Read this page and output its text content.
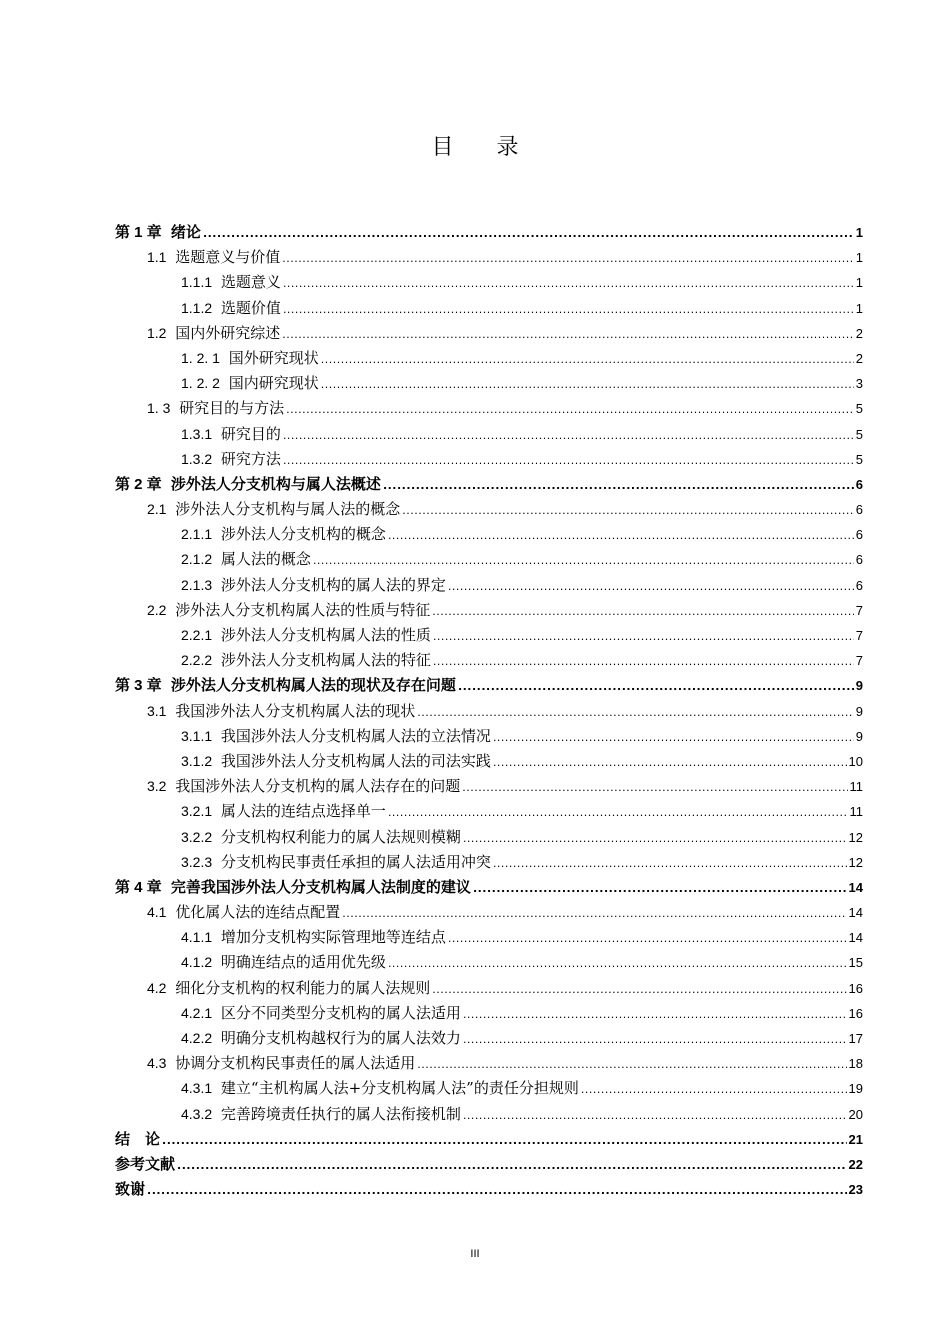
目 录
第 1 章 绪论 .....	1
1.1 选题意义与价值 .....	1
1.1.1 选题意义 .....	1
1.1.2 选题价值 .....	1
1.2 国内外研究综述 .....	2
1. 2. 1 国外研究现状 .....	2
1. 2. 2 国内研究现状 .....	3
1. 3 研究目的与方法 .....	5
1.3.1 研究目的 .....	5
1.3.2 研究方法 .....	5
第 2 章 涉外法人分支机构与属人法概述 .....	6
2.1 涉外法人分支机构与属人法的概念 .....	6
2.1.1 涉外法人分支机构的概念 .....	6
2.1.2 属人法的概念 .....	6
2.1.3 涉外法人分支机构的属人法的界定 .....	6
2.2 涉外法人分支机构属人法的性质与特征 .....	7
2.2.1 涉外法人分支机构属人法的性质 .....	7
2.2.2 涉外法人分支机构属人法的特征 .....	7
第 3 章 涉外法人分支机构属人法的现状及存在问题 .....	9
3.1 我国涉外法人分支机构属人法的现状 .....	9
3.1.1 我国涉外法人分支机构属人法的立法情况 .....	9
3.1.2 我国涉外法人分支机构属人法的司法实践 .....	10
3.2 我国涉外法人分支机构的属人法存在的问题 .....	11
3.2.1 属人法的连结点选择单一 .....	11
3.2.2 分支机构权利能力的属人法规则模糊 .....	12
3.2.3 分支机构民事责任承担的属人法适用冲突 .....	12
第 4 章 完善我国涉外法人分支机构属人法制度的建议 .....	14
4.1 优化属人法的连结点配置 .....	14
4.1.1 增加分支机构实际管理地等连结点 .....	14
4.1.2 明确连结点的适用优先级 .....	15
4.2 细化分支机构的权利能力的属人法规则 .....	16
4.2.1 区分不同类型分支机构的属人法适用 .....	16
4.2.2 明确分支机构越权行为的属人法效力 .....	17
4.3 协调分支机构民事责任的属人法适用 .....	18
4.3.1 建立“主机构属人法+分支机构属人法”的责任分担规则 .....	19
4.3.2 完善跨境责任执行的属人法衔接机制 .....	20
结　论 .....	21
参考文献 .....	22
致谢 .....	23
III
